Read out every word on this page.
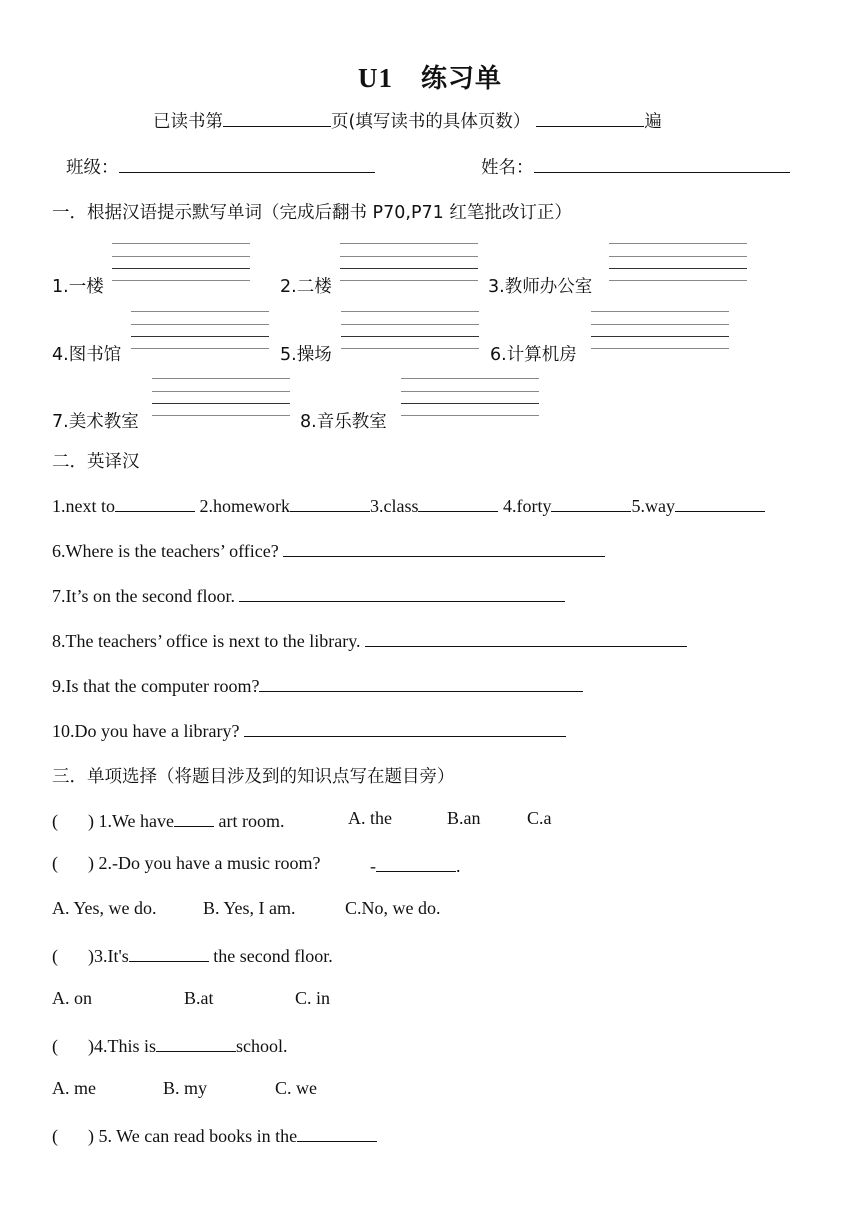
U1 练习单
已读书第	页(填写读书的具体页数）	遍
班级：	姓名：
一．根据汉语提示默写单词（完成后翻书 P70,P71 红笔批改订正）
1.一楼	2.二楼	3.教师办公室
4.图书馆	5.操场	6.计算机房
7.美术教室	8.音乐教室
二．英译汉
1.next to	2.homework	3.class	4.forty	5.way
6.Where is the teachers’ office?
7.It’s on the second floor.
8.The teachers’ office is next to the library.
9.Is that the computer room?
10.Do you have a library?
三．单项选择（将题目涉及到的知识点写在题目旁）
( ) 1.We have art room.	A. the	B.an	C.a
( ) 2.-Do you have a music room?	-	.
A. Yes, we do.	B. Yes, I am.	C.No, we do.
( )3.It's	the second floor.
A. on	B.at	C. in
( )4.This is	school.
A. me	B. my	C. we
( ) 5. We can read books in the
